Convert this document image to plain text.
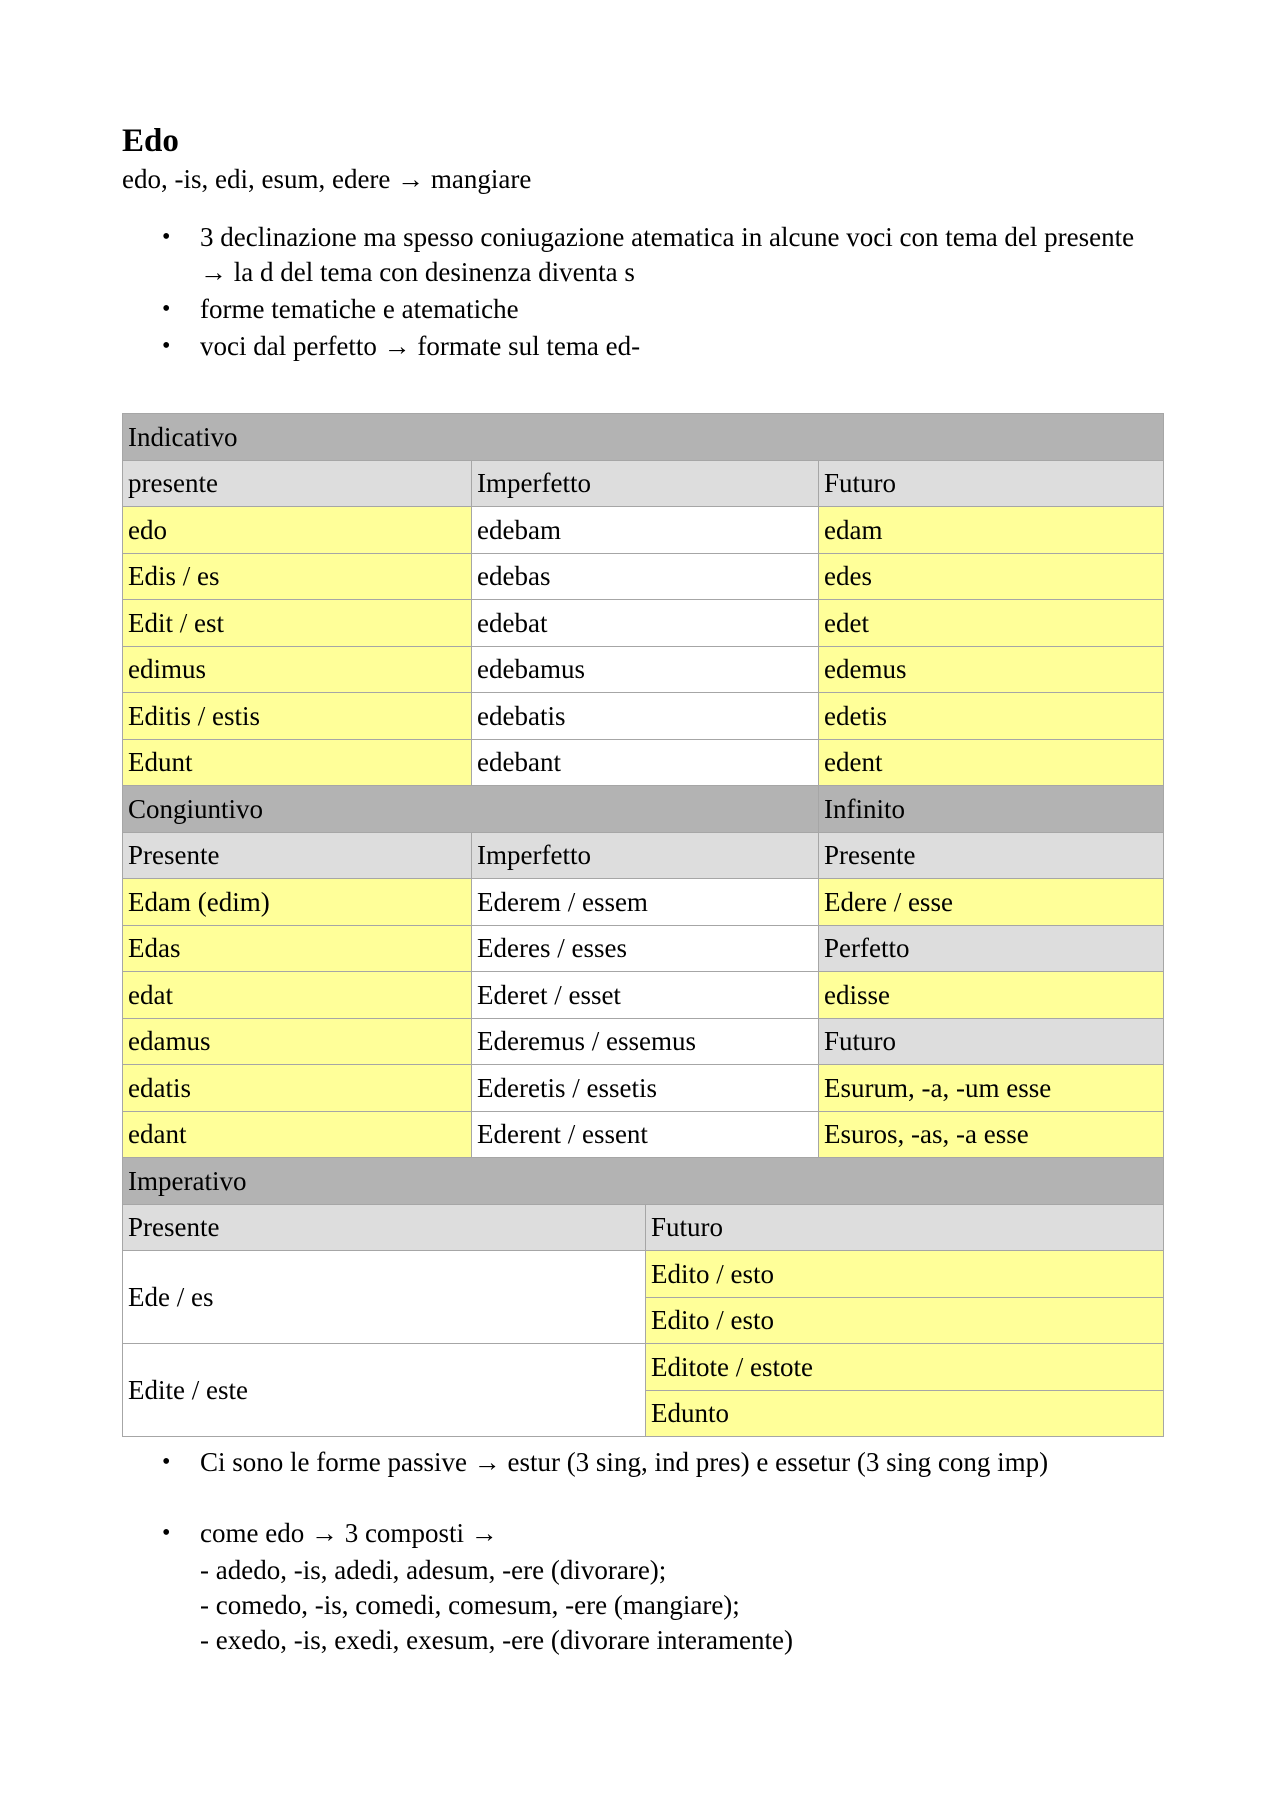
Edo

edo, -is, edi, esum, edere → mangiare

• 3 declinazione ma spesso coniugazione atematica in alcune voci con tema del presente → la d del tema con desinenza diventa s
• forme tematiche e atematiche
• voci dal perfetto → formate sul tema ed-
Indicativo			
presente	Imperfetto		Futuro
edo	edebam		edam
Edis / es	edebas		edes
Edit / est	edebat		edet
edimus	edebamus		edemus
Editis / estis	edebatis		edetis
Edunt	edebant		edent
Congiuntivo			Infinito
Presente	Imperfetto		Presente
Edam (edim)	Ederem / essem		Edere / esse
Edas	Ederes / esses		Perfetto
edat	Ederet / esset		edisse
edamus	Ederemus / essemus		Futuro
edatis	Ederetis / essetis		Esurum, -a, -um esse
edant	Ederent / essent		Esuros, -as, -a esse
Imperativo			
Presente		Futuro	
Ede / es		Edito / esto	
		Edito / esto	
Edite / este		Editote / estote	
		Edunto	
• Ci sono le forme passive → estur (3 sing, ind pres) e essetur (3 sing cong imp)
• come edo → 3 composti →
- adedo, -is, adedi, adesum, -ere (divorare);
- comedo, -is, comedi, comesum, -ere (mangiare);
- exedo, -is, exedi, exesum, -ere (divorare interamente)
